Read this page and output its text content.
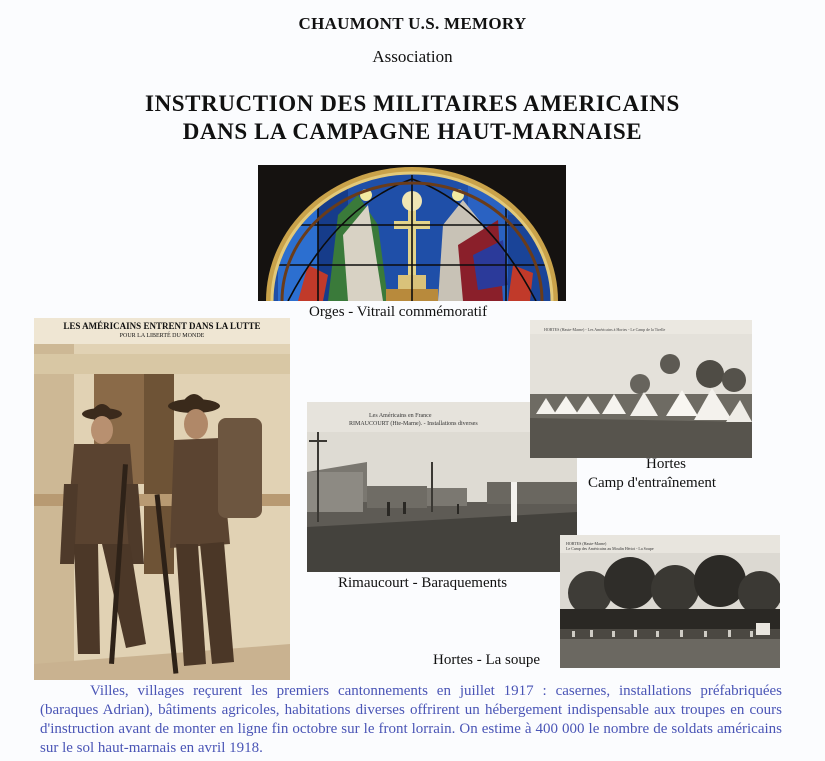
CHAUMONT U.S. MEMORY
Association
INSTRUCTION DES MILITAIRES AMERICAINS
DANS LA CAMPAGNE HAUT-MARNAISE
Orges - Vitrail commémoratif
LES AMÉRICAINS ENTRENT DANS LA LUTTE
POUR LA LIBERTÉ DU MONDE
Les Américains en France
RIMAUCOURT (Hte-Marne). - Installations diverses
Rimaucourt - Baraquements
HORTES (Haute-Marne) - Les Américains à Hortes - Le Camp de la Tirelle
Hortes
Camp d'entraînement
HORTES (Haute-Marne)
Le Camp des Américains au Moulin Hériot - La Soupe
Hortes - La soupe
Villes, villages reçurent les premiers cantonnements en juillet 1917 : casernes, installations préfabriquées (baraques Adrian), bâtiments agricoles, habitations diverses offrirent un hébergement indispensable aux troupes en cours d'instruction avant de monter en ligne fin octobre sur le front lorrain. On estime à 400 000 le nombre de soldats américains sur le sol haut-marnais en avril 1918.
